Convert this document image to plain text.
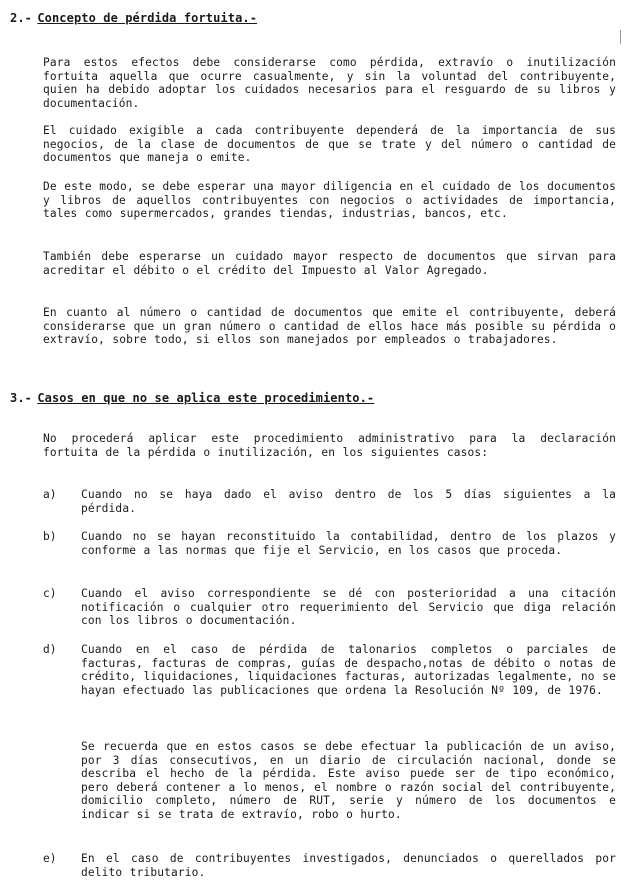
2.- Concepto de pérdida fortuita.-
Para estos efectos debe considerarse como pérdida, extravío o inutilización fortuita aquella que ocurre casualmente, y sin la voluntad del contribuyente, quien ha debido adoptar los cuidados necesarios para el resguardo de su libros y documentación.
El cuidado exigible a cada contribuyente dependerá de la importancia de sus negocios, de la clase de documentos de que se trate y del número o cantidad de documentos que maneja o emite.
De este modo, se debe esperar una mayor diligencia en el cuidado de los documentos y libros de aquellos contribuyentes con negocios o actividades de importancia, tales como supermercados, grandes tiendas, industrias, bancos, etc.
También debe esperarse un cuidado mayor respecto de documentos que sirvan para acreditar el débito o el crédito del Impuesto al Valor Agregado.
En cuanto al número o cantidad de documentos que emite el contribuyente, deberá considerarse que un gran número o cantidad de ellos hace más posible su pérdida o extravío, sobre todo, si ellos son manejados por empleados o trabajadores.
3.- Casos en que no se aplica este procedimiento.-
No procederá aplicar este procedimiento administrativo para la declaración fortuita de la pérdida o inutilización, en los siguientes casos:
a)	Cuando no se haya dado el aviso dentro de los 5 días siguientes a la pérdida.
b)	Cuando no se hayan reconstituido la contabilidad, dentro de los plazos y conforme a las normas que fije el Servicio, en los casos que proceda.
c)	Cuando el aviso correspondiente se dé con posterioridad a una citación notificación o cualquier otro requerimiento del Servicio que diga relación con los libros o documentación.
d)	Cuando en el caso de pérdida de talonarios completos o parciales de facturas, facturas de compras, guías de despacho,notas de débito o notas de crédito, liquidaciones, liquidaciones facturas, autorizadas legalmente, no se hayan efectuado las publicaciones que ordena la Resolución Nº 109, de 1976.
Se recuerda que en estos casos se debe efectuar la publicación de un aviso, por 3 días consecutivos, en un diario de circulación nacional, donde se describa el hecho de la pérdida. Este aviso puede ser de tipo económico, pero deberá contener a lo menos, el nombre o razón social del contribuyente, domicilio completo, número de RUT, serie y número de los documentos e indicar si se trata de extravío, robo o hurto.
e)	En el caso de contribuyentes investigados, denunciados o querellados por delito tributario.
